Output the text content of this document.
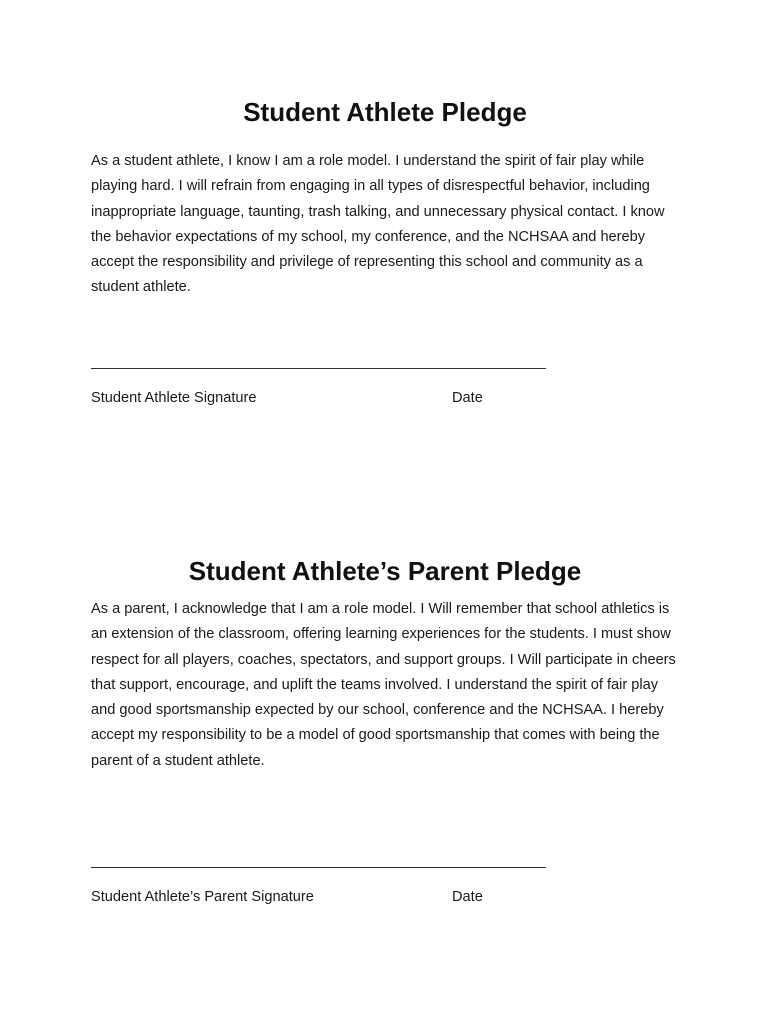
Student Athlete Pledge

As a student athlete, I know I am a role model. I understand the spirit of fair play while playing hard. I will refrain from engaging in all types of disrespectful behavior, including inappropriate language, taunting, trash talking, and unnecessary physical contact. I know the behavior expectations of my school, my conference, and the NCHSAA and hereby accept the responsibility and privilege of representing this school and community as a student athlete.

Student Athlete Signature	Date
Student Athlete’s Parent Pledge

As a parent, I acknowledge that I am a role model. I Will remember that school athletics is an extension of the classroom, offering learning experiences for the students. I must show respect for all players, coaches, spectators, and support groups. I Will participate in cheers that support, encourage, and uplift the teams involved. I understand the spirit of fair play and good sportsmanship expected by our school, conference and the NCHSAA. I hereby accept my responsibility to be a model of good sportsmanship that comes with being the parent of a student athlete.

Student Athlete’s Parent Signature	Date
